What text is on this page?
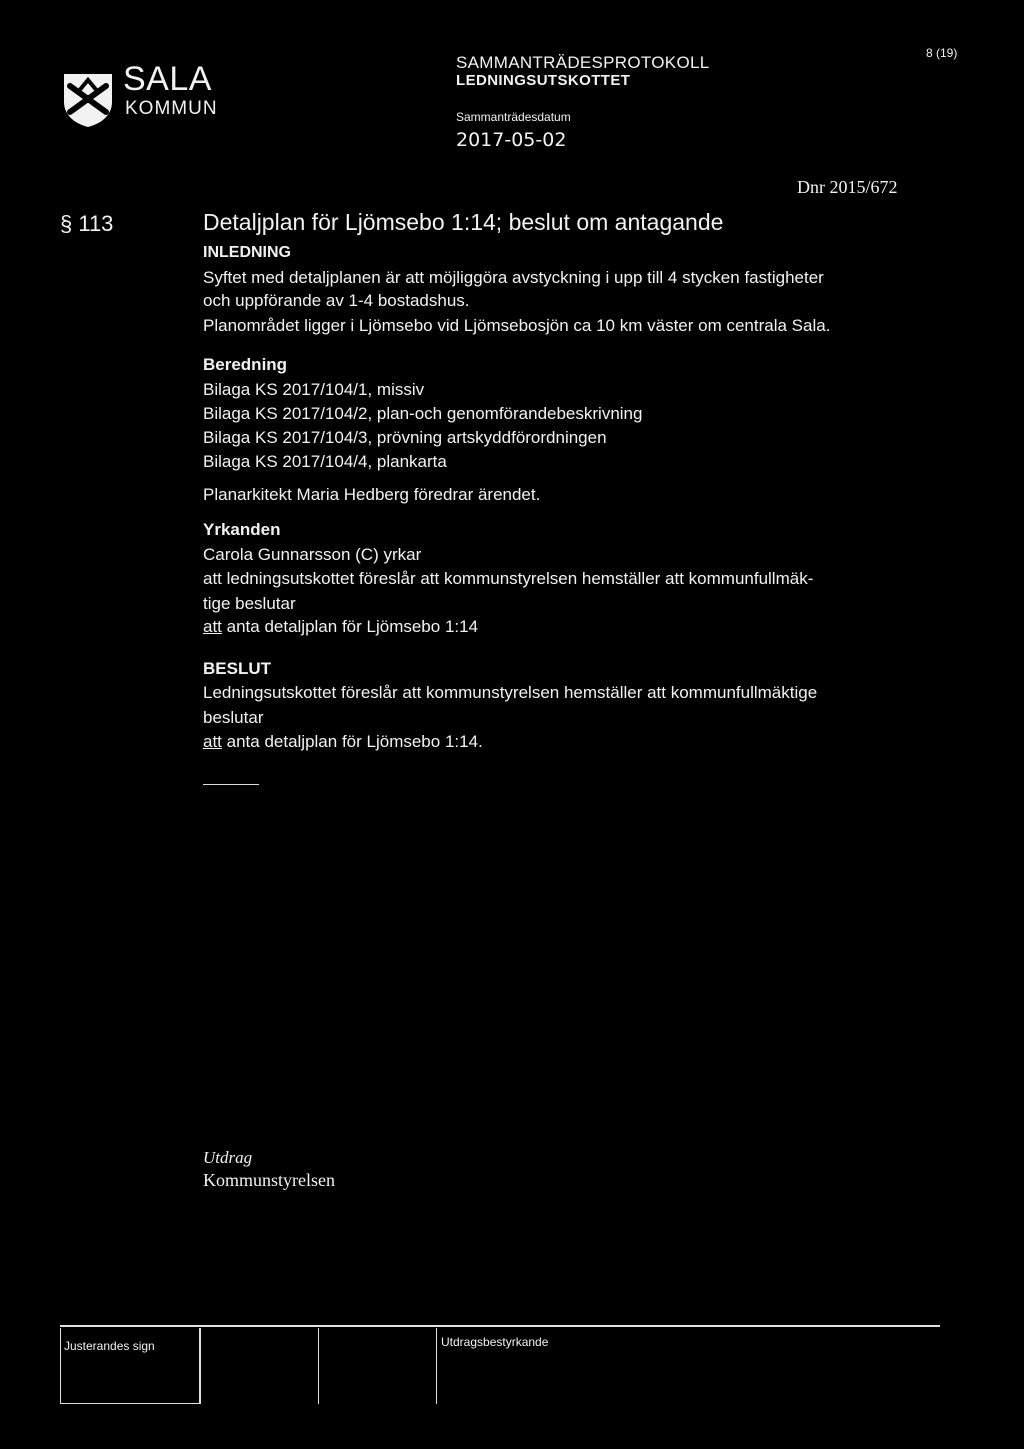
SALA
KOMMUN
SAMMANTRÄDESPROTOKOLL
LEDNINGSUTSKOTTET
Sammanträdesdatum
2017-05-02
8 (19)
Dnr 2015/672
§ 113	Detaljplan för Ljömsebo 1:14; beslut om antagande
INLEDNING
Syftet med detaljplanen är att möjliggöra avstyckning i upp till 4 stycken fastigheter
och uppförande av 1-4 bostadshus.
Planområdet ligger i Ljömsebo vid Ljömsebosjön ca 10 km väster om centrala Sala.
Beredning
Bilaga KS 2017/104/1, missiv
Bilaga KS 2017/104/2, plan-och genomförandebeskrivning
Bilaga KS 2017/104/3, prövning artskyddförordningen
Bilaga KS 2017/104/4, plankarta
Planarkitekt Maria Hedberg föredrar ärendet.
Yrkanden
Carola Gunnarsson (C) yrkar
att ledningsutskottet föreslår att kommunstyrelsen hemställer att kommunfullmäk-
tige beslutar
att anta detaljplan för Ljömsebo 1:14
BESLUT
Ledningsutskottet föreslår att kommunstyrelsen hemställer att kommunfullmäktige
beslutar
att anta detaljplan för Ljömsebo 1:14.
Utdrag
Kommunstyrelsen
Justerandes sign	Utdragsbestyrkande
